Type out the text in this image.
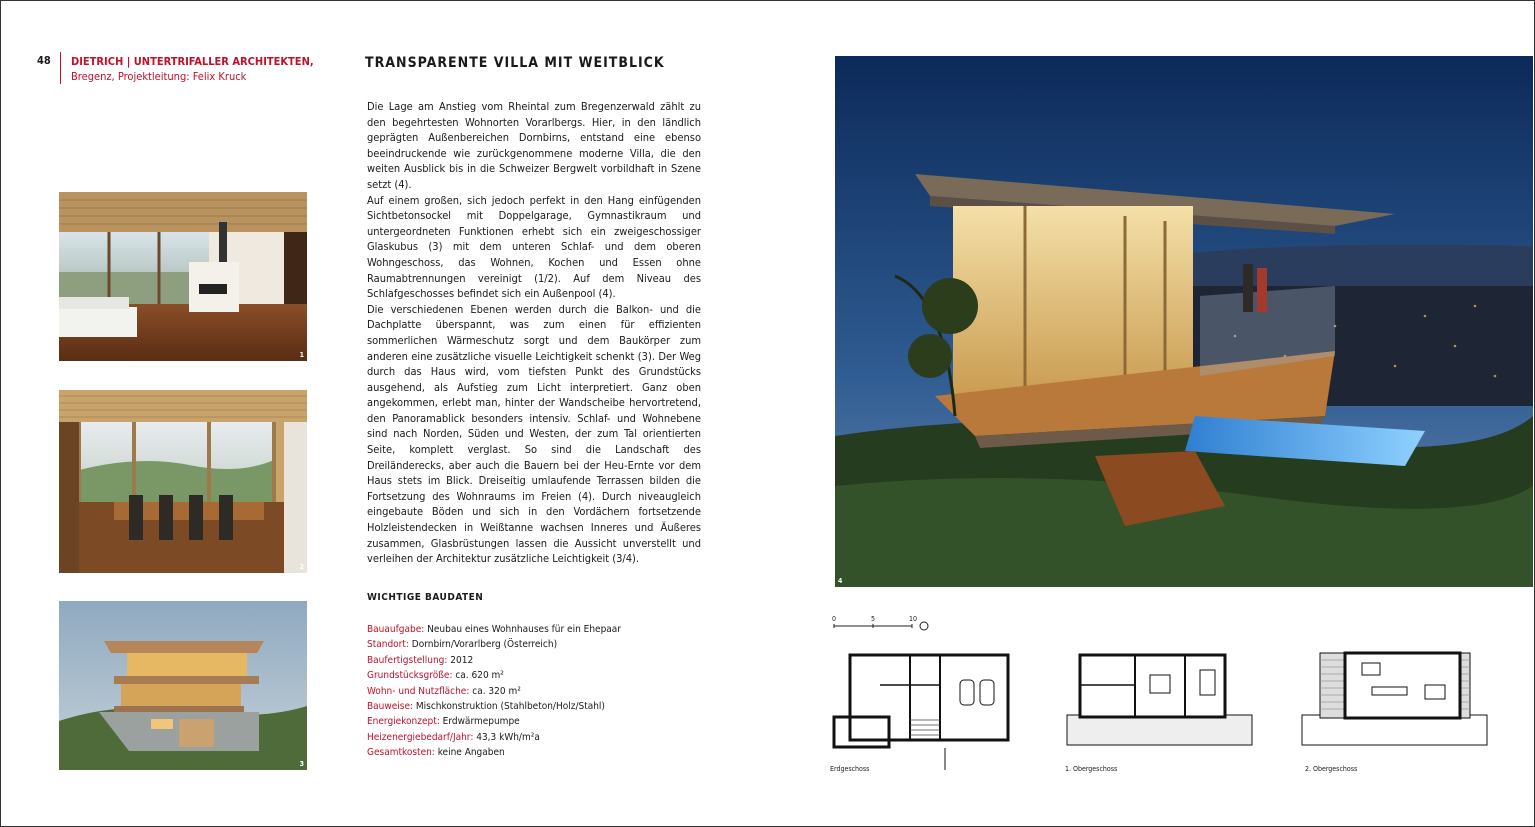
48 DIETRICH | UNTERTRIFALLER ARCHITEKTEN,
Bregenz, Projektleitung: Felix Kruck
TRANSPARENTE VILLA MIT WEITBLICK

Die Lage am Anstieg vom Rheintal zum Bregenzerwald zählt zu den begehrtesten Wohnorten Vorarlbergs. Hier, in den ländlich geprägten Außenbereichen Dornbirns, entstand eine ebenso beeindruckende wie zurückgenommene moderne Villa, die den weiten Ausblick bis in die Schweizer Bergwelt vorbildhaft in Szene setzt (4).

Auf einem großen, sich jedoch perfekt in den Hang einfügenden Sichtbetonsockel mit Doppelgarage, Gymnastikraum und untergeordneten Funktionen erhebt sich ein zweigeschossiger Glaskubus (3) mit dem unteren Schlaf- und dem oberen Wohngeschoss, das Wohnen, Kochen und Essen ohne Raumabtrennungen vereinigt (1/2). Auf dem Niveau des Schlafgeschosses befindet sich ein Außenpool (4).

Die verschiedenen Ebenen werden durch die Balkon- und die Dachplatte überspannt, was zum einen für effizienten sommerlichen Wärmeschutz sorgt und dem Baukörper zum anderen eine zusätzliche visuelle Leichtigkeit schenkt (3). Der Weg durch das Haus wird, vom tiefsten Punkt des Grundstücks ausgehend, als Aufstieg zum Licht interpretiert. Ganz oben angekommen, erlebt man, hinter der Wandscheibe hervortretend, den Panoramablick besonders intensiv. Schlaf- und Wohnebene sind nach Norden, Süden und Westen, der zum Tal orientierten Seite, komplett verglast. So sind die Landschaft des Dreiländerecks, aber auch die Bauern bei der Heu-Ernte vor dem Haus stets im Blick. Dreiseitig umlaufende Terrassen bilden die Fortsetzung des Wohnraums im Freien (4). Durch niveaugleich eingebaute Böden und sich in den Vordächern fortsetzende Holzleistendecken in Weißtanne wachsen Inneres und Äußeres zusammen, Glasbrüstungen lassen die Aussicht unverstellt und verleihen der Architektur zusätzliche Leichtigkeit (3/4).

WICHTIGE BAUDATEN
Bauaufgabe: Neubau eines Wohnhauses für ein Ehepaar
Standort: Dornbirn/Vorarlberg (Österreich)
Baufertigstellung: 2012
Grundstücksgröße: ca. 620 m²
Wohn- und Nutzfläche: ca. 320 m²
Bauweise: Mischkonstruktion (Stahlbeton/Holz/Stahl)
Energiekonzept: Erdwärmepumpe
Heizenergiebedarf/Jahr: 43,3 kWh/m²a
Gesamtkosten: keine Angaben
1
2
3
4
0	5	10
Erdgeschoss	1. Obergeschoss	2. Obergeschoss
